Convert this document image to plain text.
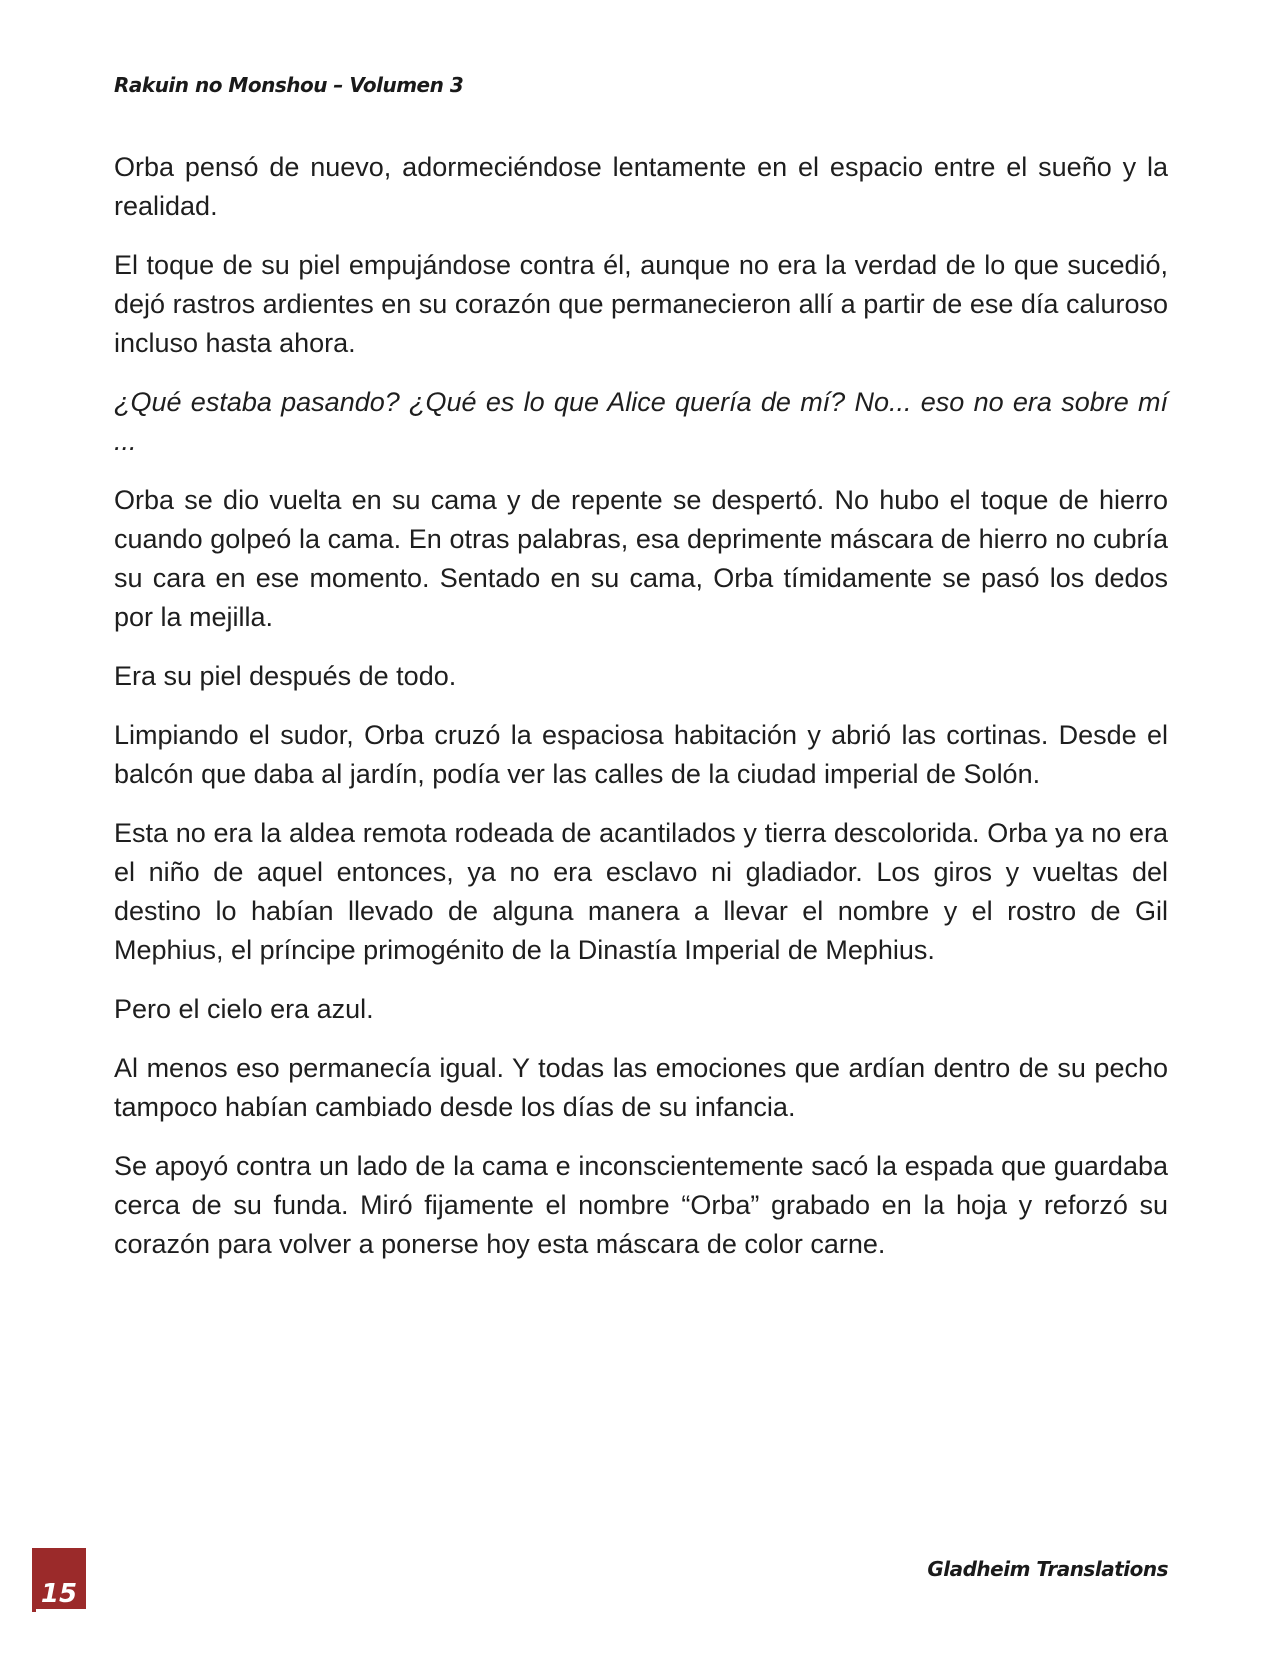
Rakuin no Monshou – Volumen 3

Orba pensó de nuevo, adormeciéndose lentamente en el espacio entre el sueño y la realidad.

El toque de su piel empujándose contra él, aunque no era la verdad de lo que sucedió, dejó rastros ardientes en su corazón que permanecieron allí a partir de ese día caluroso incluso hasta ahora.

¿Qué estaba pasando? ¿Qué es lo que Alice quería de mí? No... eso no era sobre mí ...

Orba se dio vuelta en su cama y de repente se despertó. No hubo el toque de hierro cuando golpeó la cama. En otras palabras, esa deprimente máscara de hierro no cubría su cara en ese momento. Sentado en su cama, Orba tímidamente se pasó los dedos por la mejilla.

Era su piel después de todo.

Limpiando el sudor, Orba cruzó la espaciosa habitación y abrió las cortinas. Desde el balcón que daba al jardín, podía ver las calles de la ciudad imperial de Solón.

Esta no era la aldea remota rodeada de acantilados y tierra descolorida. Orba ya no era el niño de aquel entonces, ya no era esclavo ni gladiador. Los giros y vueltas del destino lo habían llevado de alguna manera a llevar el nombre y el rostro de Gil Mephius, el príncipe primogénito de la Dinastía Imperial de Mephius.

Pero el cielo era azul.

Al menos eso permanecía igual. Y todas las emociones que ardían dentro de su pecho tampoco habían cambiado desde los días de su infancia.

Se apoyó contra un lado de la cama e inconscientemente sacó la espada que guardaba cerca de su funda. Miró fijamente el nombre “Orba” grabado en la hoja y reforzó su corazón para volver a ponerse hoy esta máscara de color carne.

15
Gladheim Translations
